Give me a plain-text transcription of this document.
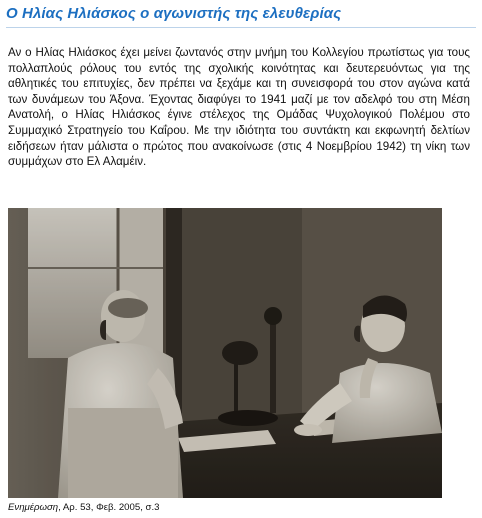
Ο Ηλίας Ηλιάσκος ο αγωνιστής της ελευθερίας

Αν ο Ηλίας Ηλιάσκος έχει μείνει ζωντανός στην μνήμη του Κολλεγίου πρωτίστως για τους πολλαπλούς ρόλους του εντός της σχολικής κοινότητας και δευτερευόντως για της αθλητικές του επιτυχίες, δεν πρέπει να ξεχάμε και τη συνεισφορά του στον αγώνα κατά των δυνάμεων του Άξονα. Έχοντας διαφύγει το 1941 μαζί με τον αδελφό του στη Μέση Ανατολή, ο Ηλίας Ηλιάσκος έγινε στέλεχος της Ομάδας Ψυχολογικού Πολέμου στο Συμμαχικό Στρατηγείο του Καΐρου. Με την ιδιότητα του συντάκτη και εκφωνητή δελτίων ειδήσεων ήταν μάλιστα ο πρώτος που ανακοίνωσε (στις 4 Νοεμβρίου 1942) τη νίκη των συμμάχων στο Ελ Αλαμέιν.

Ενημέρωση, Αρ. 53, Φεβ. 2005, σ.3
